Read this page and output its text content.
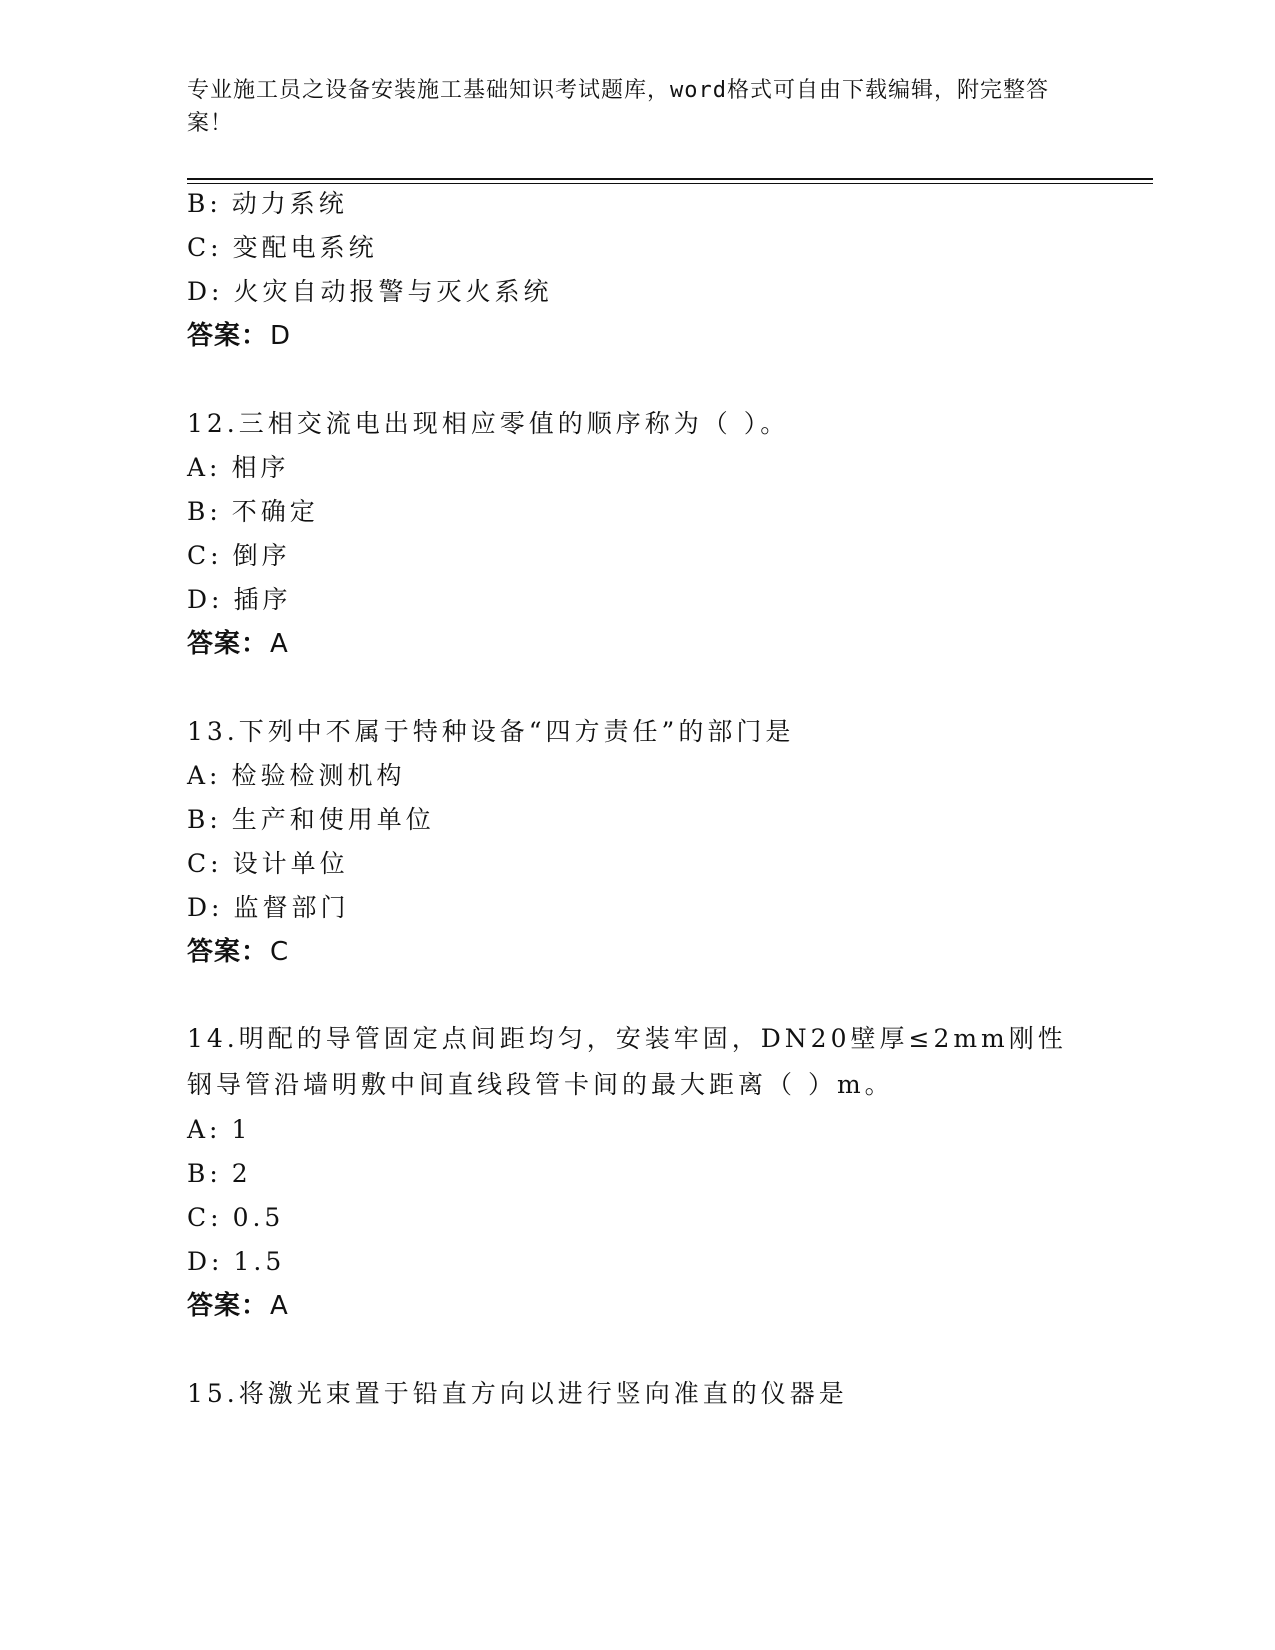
专业施工员之设备安装施工基础知识考试题库，word格式可自由下载编辑，附完整答案！
B: 动力系统
C: 变配电系统
D: 火灾自动报警与灭火系统
答案：D
12.三相交流电出现相应零值的顺序称为（ ）。
A: 相序
B: 不确定
C: 倒序
D: 插序
答案：A
13.下列中不属于特种设备“四方责任”的部门是
A: 检验检测机构
B: 生产和使用单位
C: 设计单位
D: 监督部门
答案：C
14.明配的导管固定点间距均匀，安装牢固，DN20壁厚≤2mm刚性钢导管沿墙明敷中间直线段管卡间的最大距离（ ）m。
A: 1
B: 2
C: 0.5
D: 1.5
答案：A
15.将激光束置于铅直方向以进行竖向准直的仪器是
